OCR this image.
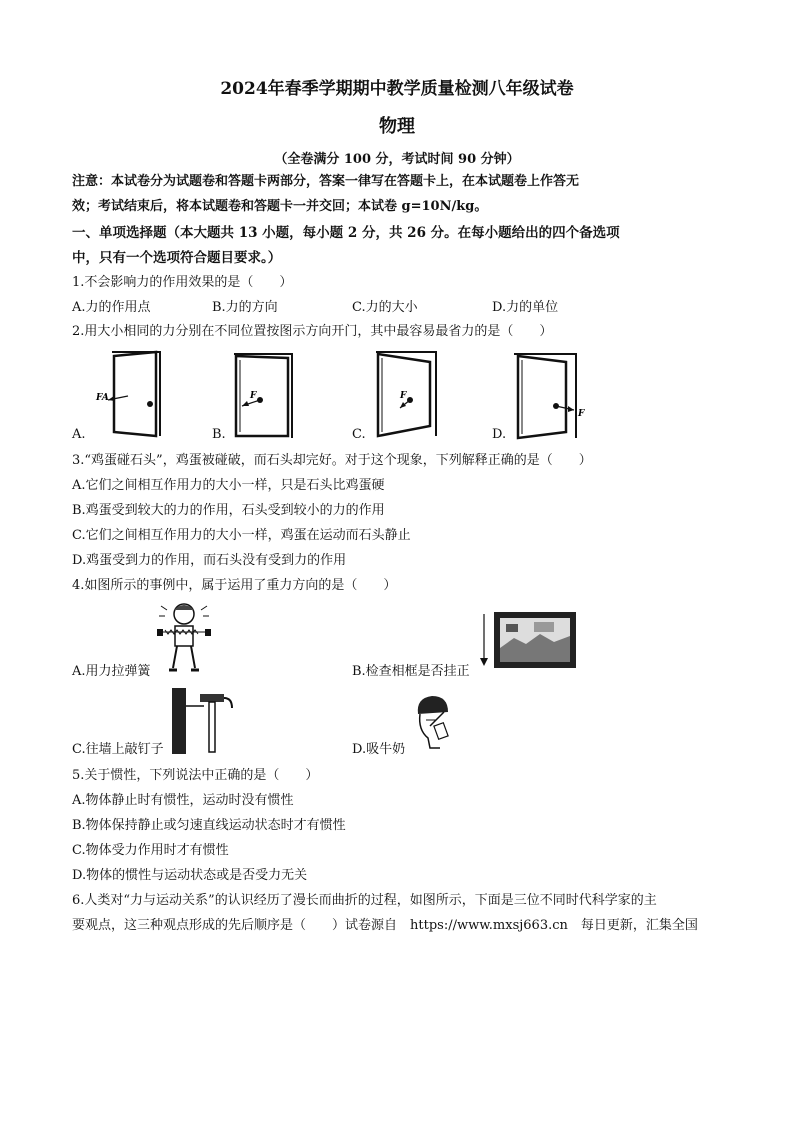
2024年春季学期期中教学质量检测八年级试卷
物理
（全卷满分 100 分，考试时间 90 分钟）
注意：本试卷分为试题卷和答题卡两部分，答案一律写在答题卡上，在本试题卷上作答无
效；考试结束后，将本试题卷和答题卡一并交回；本试卷 g=10N/kg。
一、单项选择题（本大题共 13 小题，每小题 2 分，共 26 分。在每小题给出的四个备选项
中，只有一个选项符合题目要求。）
1.不会影响力的作用效果的是（　　）
A.力的作用点	B.力的方向	C.力的大小	D.力的单位
2.用大小相同的力分别在不同位置按图示方向开门，其中最容易最省力的是（　　）
FA
A.
F
B.
F
C.
F
D.
3.“鸡蛋碰石头”，鸡蛋被碰破，而石头却完好。对于这个现象，下列解释正确的是（　　）
A.它们之间相互作用力的大小一样，只是石头比鸡蛋硬
B.鸡蛋受到较大的力的作用，石头受到较小的力的作用
C.它们之间相互作用力的大小一样，鸡蛋在运动而石头静止
D.鸡蛋受到力的作用，而石头没有受到力的作用
4.如图所示的事例中，属于运用了重力方向的是（　　）
A.用力拉弹簧	B.检查相框是否挂正
C.往墙上敲钉子	D.吸牛奶
5.关于惯性，下列说法中正确的是（　　）
A.物体静止时有惯性，运动时没有惯性
B.物体保持静止或匀速直线运动状态时才有惯性
C.物体受力作用时才有惯性
D.物体的惯性与运动状态或是否受力无关
6.人类对“力与运动关系”的认识经历了漫长而曲折的过程，如图所示，下面是三位不同时代科学家的主
要观点，这三种观点形成的先后顺序是（　　）试卷源自　https://www.mxsj663.cn　每日更新，汇集全国
